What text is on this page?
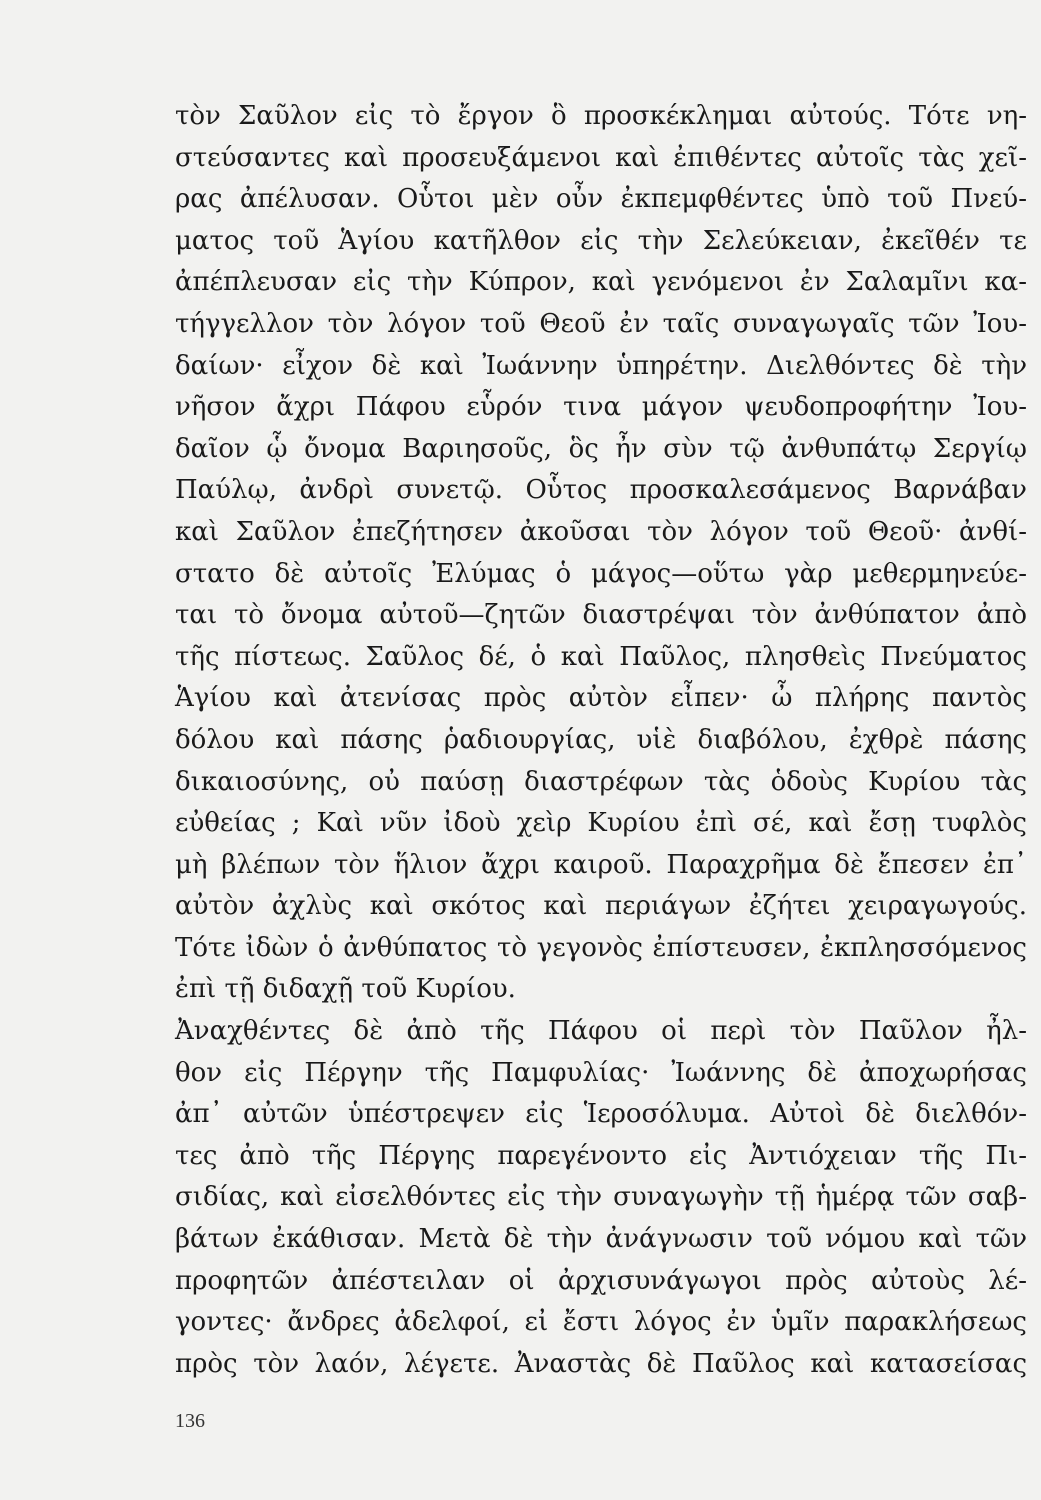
τὸν Σαῦλον εἰς τὸ ἔργον ὃ προσκέκλημαι αὐτούς. Τότε νη-
στεύσαντες καὶ προσευξάμενοι καὶ ἐπιθέντες αὐτοῖς τὰς χεῖ-
ρας ἀπέλυσαν. Οὗτοι μὲν οὖν ἐκπεμφθέντες ὑπὸ τοῦ Πνεύ-
ματος τοῦ Ἁγίου κατῆλθον εἰς τὴν Σελεύκειαν, ἐκεῖθέν τε
ἀπέπλευσαν εἰς τὴν Κύπρον, καὶ γενόμενοι ἐν Σαλαμῖνι κα-
τήγγελλον τὸν λόγον τοῦ Θεοῦ ἐν ταῖς συναγωγαῖς τῶν Ἰου-
δαίων· εἶχον δὲ καὶ Ἰωάννην ὑπηρέτην. Διελθόντες δὲ τὴν
νῆσον ἄχρι Πάφου εὗρόν τινα μάγον ψευδοπροφήτην Ἰου-
δαῖον ᾧ ὄνομα Βαριησοῦς, ὃς ἦν σὺν τῷ ἀνθυπάτῳ Σεργίῳ
Παύλῳ, ἀνδρὶ συνετῷ. Οὗτος προσκαλεσάμενος Βαρνάβαν
καὶ Σαῦλον ἐπεζήτησεν ἀκοῦσαι τὸν λόγον τοῦ Θεοῦ· ἀνθί-
στατο δὲ αὐτοῖς Ἐλύμας ὁ μάγος—οὕτω γὰρ μεθερμηνεύε-
ται τὸ ὄνομα αὐτοῦ—ζητῶν διαστρέψαι τὸν ἀνθύπατον ἀπὸ
τῆς πίστεως. Σαῦλος δέ, ὁ καὶ Παῦλος, πλησθεὶς Πνεύματος
Ἁγίου καὶ ἀτενίσας πρὸς αὐτὸν εἶπεν· ὦ πλήρης παντὸς
δόλου καὶ πάσης ῥαδιουργίας, υἱὲ διαβόλου, ἐχθρὲ πάσης
δικαιοσύνης, οὐ παύσῃ διαστρέφων τὰς ὁδοὺς Κυρίου τὰς
εὐθείας ; Καὶ νῦν ἰδοὺ χεὶρ Κυρίου ἐπὶ σέ, καὶ ἔσῃ τυφλὸς
μὴ βλέπων τὸν ἥλιον ἄχρι καιροῦ. Παραχρῆμα δὲ ἔπεσεν ἐπ᾽
αὐτὸν ἀχλὺς καὶ σκότος καὶ περιάγων ἐζήτει χειραγωγούς.
Τότε ἰδὼν ὁ ἀνθύπατος τὸ γεγονὸς ἐπίστευσεν, ἐκπλησσόμενος
ἐπὶ τῇ διδαχῇ τοῦ Κυρίου.
Ἀναχθέντες δὲ ἀπὸ τῆς Πάφου οἱ περὶ τὸν Παῦλον ἦλ-
θον εἰς Πέργην τῆς Παμφυλίας· Ἰωάννης δὲ ἀποχωρήσας
ἀπ᾽ αὐτῶν ὑπέστρεψεν εἰς Ἱεροσόλυμα. Αὐτοὶ δὲ διελθόν-
τες ἀπὸ τῆς Πέργης παρεγένοντο εἰς Ἀντιόχειαν τῆς Πι-
σιδίας, καὶ εἰσελθόντες εἰς τὴν συναγωγὴν τῇ ἡμέρᾳ τῶν σαβ-
βάτων ἐκάθισαν. Μετὰ δὲ τὴν ἀνάγνωσιν τοῦ νόμου καὶ τῶν
προφητῶν ἀπέστειλαν οἱ ἀρχισυνάγωγοι πρὸς αὐτοὺς λέ-
γοντες· ἄνδρες ἀδελφοί, εἰ ἔστι λόγος ἐν ὑμῖν παρακλήσεως
πρὸς τὸν λαόν, λέγετε. Ἀναστὰς δὲ Παῦλος καὶ κατασείσας
136
